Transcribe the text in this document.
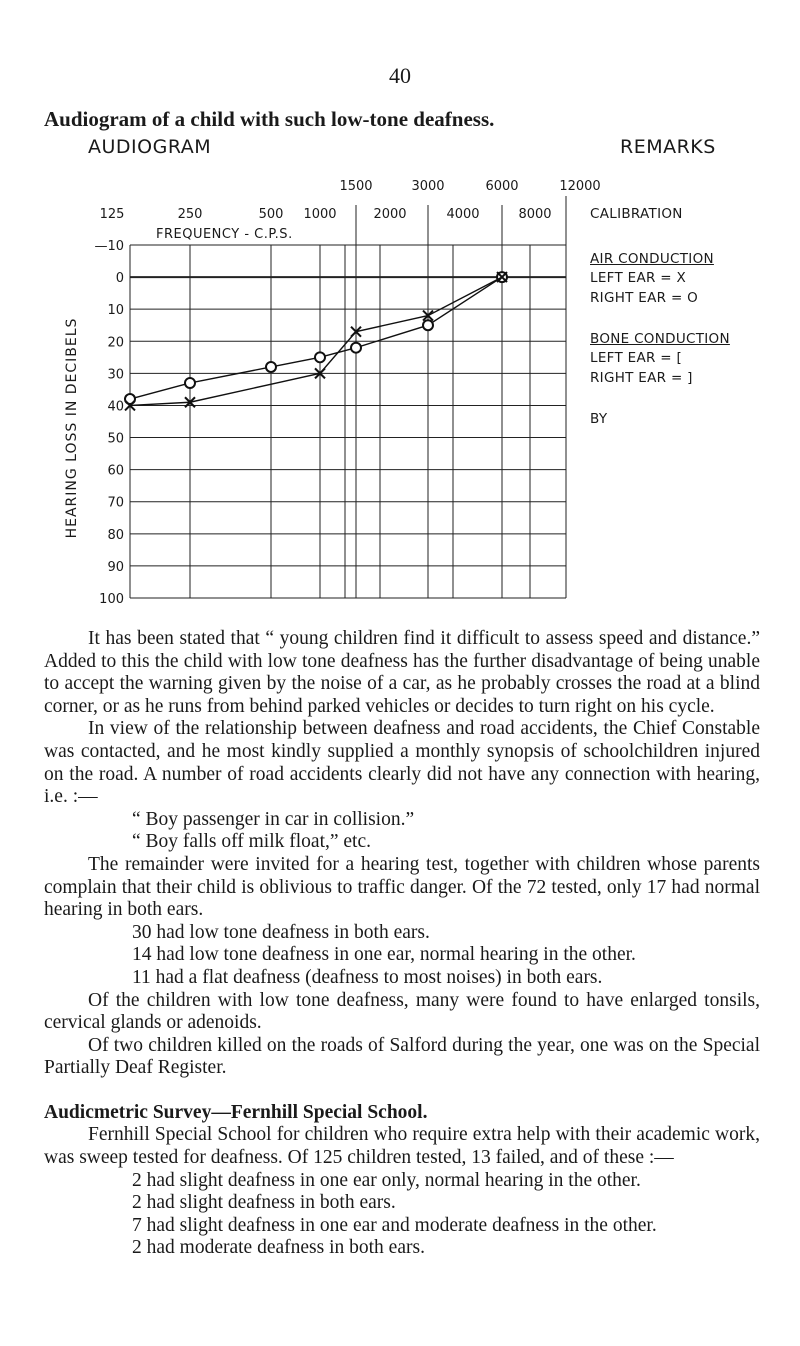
40
Audiogram of a child with such low-tone deafness.
AUDIOGRAM	REMARKS
—10
0
10
20
30
40
50
60
70
80
90
100
125	250	500 1000	2000	4000	8000
1500	3000	6000	12000
FREQUENCY - C.P.S.
HEARING LOSS IN DECIBELS
CALIBRATION
AIR CONDUCTION
LEFT EAR = X
RIGHT EAR = O
BONE CONDUCTION
LEFT EAR = [
RIGHT EAR = ]
BY

It has been stated that “ young children find it difficult to assess speed and distance.” Added to this the child with low tone deafness has the further disadvantage of being unable to accept the warning given by the noise of a car, as he probably crosses the road at a blind corner, or as he runs from behind parked vehicles or decides to turn right on his cycle.

In view of the relationship between deafness and road accidents, the Chief Constable was contacted, and he most kindly supplied a monthly synopsis of schoolchildren injured on the road. A number of road accidents clearly did not have any connection with hearing, i.e. :—

“ Boy passenger in car in collision.”

“ Boy falls off milk float,” etc.

The remainder were invited for a hearing test, together with children whose parents complain that their child is oblivious to traffic danger. Of the 72 tested, only 17 had normal hearing in both ears.

30 had low tone deafness in both ears.

14 had low tone deafness in one ear, normal hearing in the other.

11 had a flat deafness (deafness to most noises) in both ears.

Of the children with low tone deafness, many were found to have enlarged tonsils, cervical glands or adenoids.

Of two children killed on the roads of Salford during the year, one was on the Special Partially Deaf Register.

Audicmetric Survey—Fernhill Special School.

Fernhill Special School for children who require extra help with their academic work, was sweep tested for deafness. Of 125 children tested, 13 failed, and of these :—

2 had slight deafness in one ear only, normal hearing in the other.

2 had slight deafness in both ears.

7 had slight deafness in one ear and moderate deafness in the other.

2 had moderate deafness in both ears.
